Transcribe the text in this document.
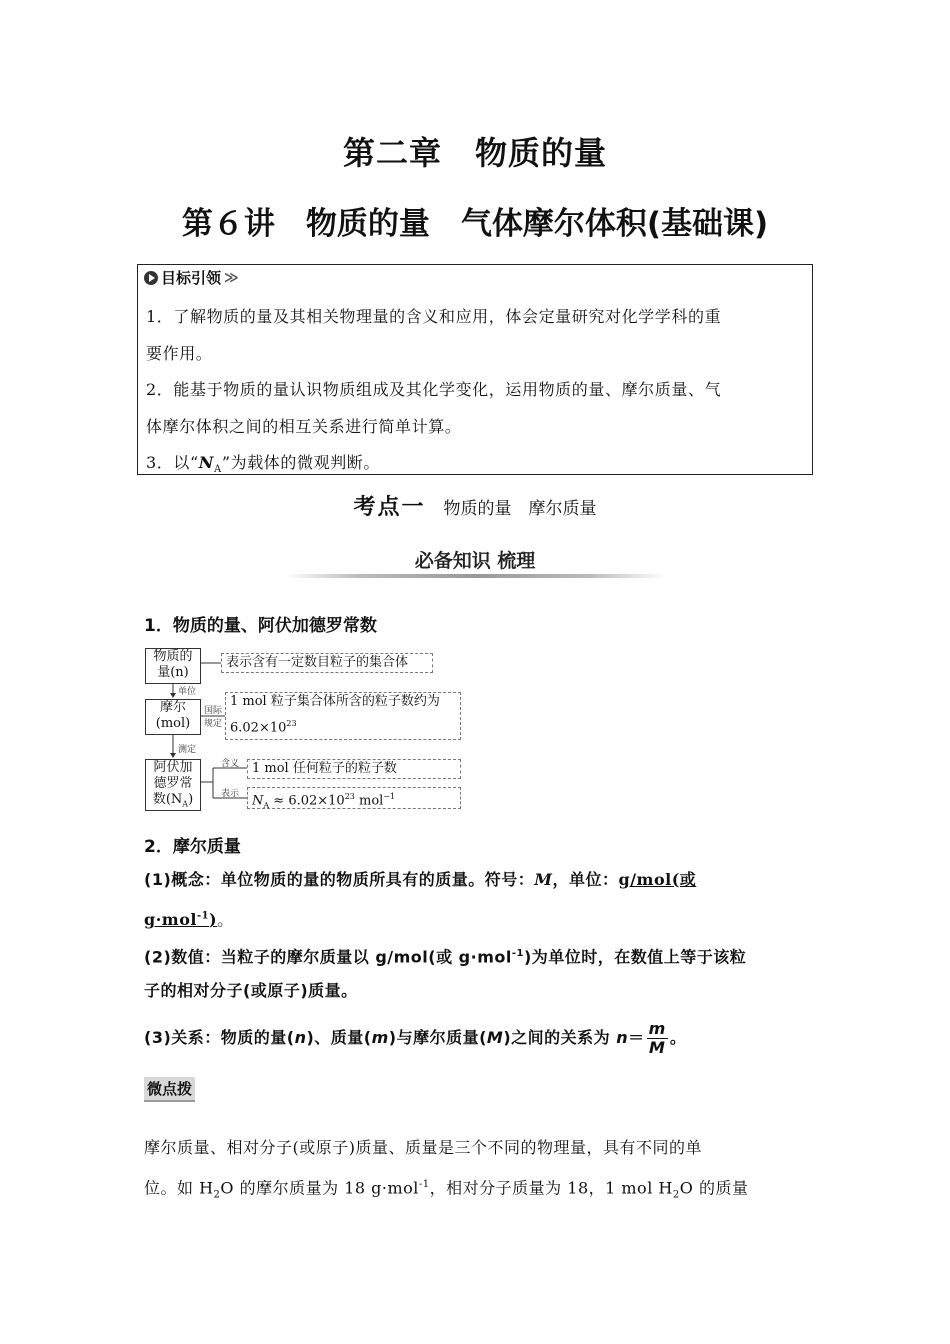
第二章　物质的量
第６讲　物质的量　气体摩尔体积(基础课)
目标引领 ≫
1．了解物质的量及其相关物理量的含义和应用，体会定量研究对化学学科的重
要作用。
2．能基于物质的量认识物质组成及其化学变化，运用物质的量、摩尔质量、气
体摩尔体积之间的相互关系进行简单计算。
3．以“$N_A$”为载体的微观判断。
考点一 物质的量　摩尔质量
必备知识 梳理
1．物质的量、阿伏加德罗常数
物质的
量(n)
表示含有一定数目粒子的集合体
单位
摩尔
(mol)
国际
规定
1 mol 粒子集合体所含的粒子数约为
$6.02\times 10^{23}$
测定
阿伏加
德罗常
数$(N_A)$
含义 1 mol 任何粒子的粒子数
表示 $N_A \approx 6.02\times 10^{23}$ mol$^{-1}$
2．摩尔质量
(1)概念：单位物质的量的物质所具有的质量。符号：M，单位：g/mol(或
g·mol$^{-1}$)。
(2)数值：当粒子的摩尔质量以 g/mol(或 g·mol$^{-1}$)为单位时，在数值上等于该粒
子的相对分子(或原子)质量。
(3)关系：物质的量(n)、质量(m)与摩尔质量(M)之间的关系为 $n= \frac{m}{M}$ 。
微点拨
摩尔质量、相对分子(或原子)质量、质量是三个不同的物理量，具有不同的单
位。如 $H_2O$ 的摩尔质量为 18 g·mol$^{-1}$，相对分子质量为 18，1 mol $H_2O$ 的质量
